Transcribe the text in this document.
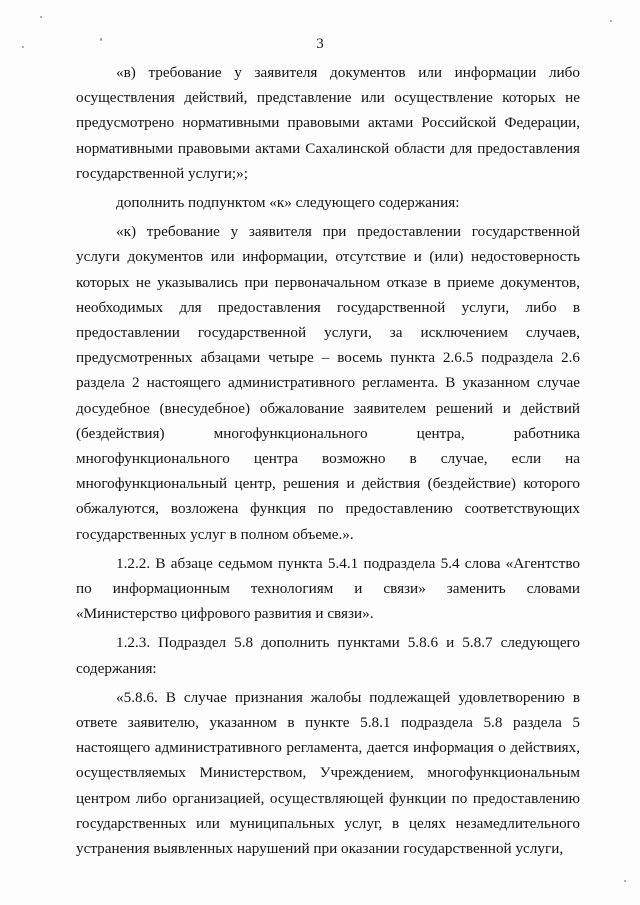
3

«в) требование у заявителя документов или информации либо осуществления действий, представление или осуществление которых не предусмотрено нормативными правовыми актами Российской Федерации, нормативными правовыми актами Сахалинской области для предоставления государственной услуги;»;

дополнить подпунктом «к» следующего содержания:

«к) требование у заявителя при предоставлении государственной услуги документов или информации, отсутствие и (или) недостоверность которых не указывались при первоначальном отказе в приеме документов, необходимых для предоставления государственной услуги, либо в предоставлении государственной услуги, за исключением случаев, предусмотренных абзацами четыре – восемь пункта 2.6.5 подраздела 2.6 раздела 2 настоящего административного регламента. В указанном случае досудебное (внесудебное) обжалование заявителем решений и действий (бездействия) многофункционального центра, работника многофункционального центра возможно в случае, если на многофункциональный центр, решения и действия (бездействие) которого обжалуются, возложена функция по предоставлению соответствующих государственных услуг в полном объеме.».

1.2.2. В абзаце седьмом пункта 5.4.1 подраздела 5.4 слова «Агентство по информационным технологиям и связи» заменить словами «Министерство цифрового развития и связи».

1.2.3. Подраздел 5.8 дополнить пунктами 5.8.6 и 5.8.7 следующего содержания:

«5.8.6. В случае признания жалобы подлежащей удовлетворению в ответе заявителю, указанном в пункте 5.8.1 подраздела 5.8 раздела 5 настоящего административного регламента, дается информация о действиях, осуществляемых Министерством, Учреждением, многофункциональным центром либо организацией, осуществляющей функции по предоставлению государственных или муниципальных услуг, в целях незамедлительного устранения выявленных нарушений при оказании государственной услуги,
